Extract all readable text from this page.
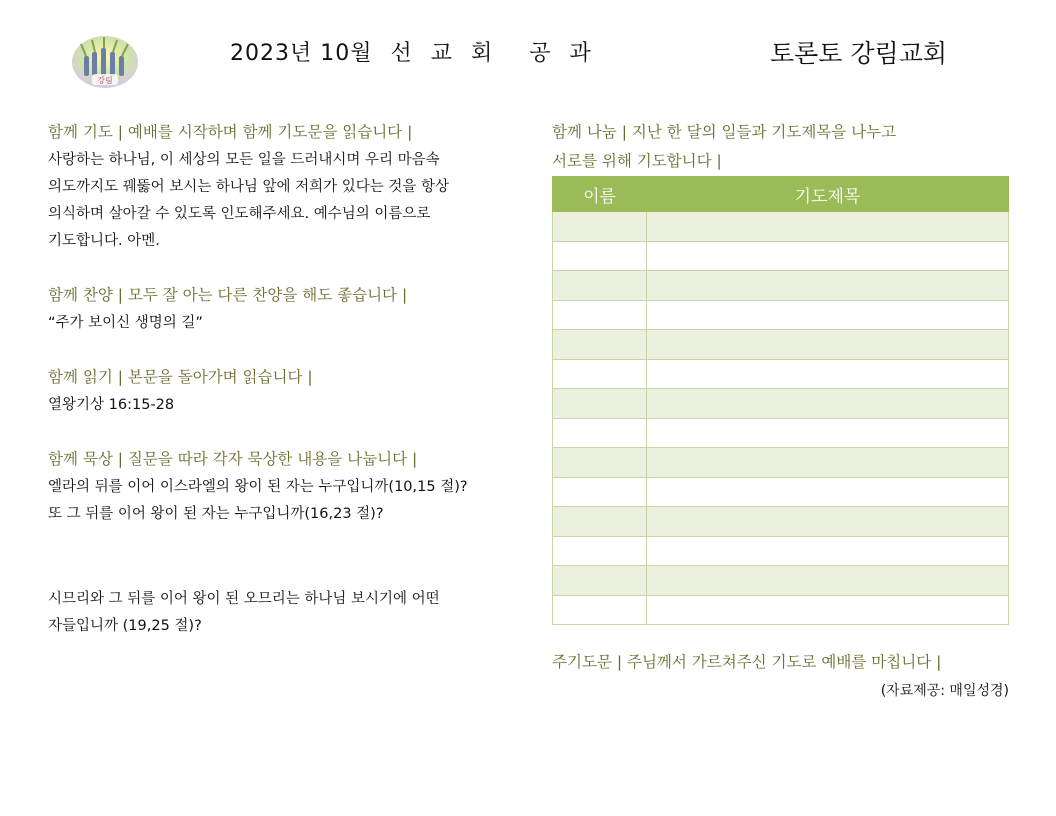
강림
2023년 10월 선 교 회 공 과	토론토 강림교회
함께 기도 | 예배를 시작하며 함께 기도문을 읽습니다 |
사랑하는 하나님, 이 세상의 모든 일을 드러내시며 우리 마음속
의도까지도 꿰뚫어 보시는 하나님 앞에 저희가 있다는 것을 항상
의식하며 살아갈 수 있도록 인도해주세요. 예수님의 이름으로
기도합니다. 아멘.
함께 찬양 | 모두 잘 아는 다른 찬양을 해도 좋습니다 |
“주가 보이신 생명의 길”
함께 읽기 | 본문을 돌아가며 읽습니다 |
열왕기상 16:15-28
함께 묵상 | 질문을 따라 각자 묵상한 내용을 나눕니다 |
엘라의 뒤를 이어 이스라엘의 왕이 된 자는 누구입니까(10,15 절)?
또 그 뒤를 이어 왕이 된 자는 누구입니까(16,23 절)?
시므리와 그 뒤를 이어 왕이 된 오므리는 하나님 보시기에 어떤
자들입니까 (19,25 절)?
함께 나눔 | 지난 한 달의 일들과 기도제목을 나누고
서로를 위해 기도합니다 |
이름	기도제목

주기도문 | 주님께서 가르쳐주신 기도로 예배를 마칩니다 |
(자료제공: 매일성경)
